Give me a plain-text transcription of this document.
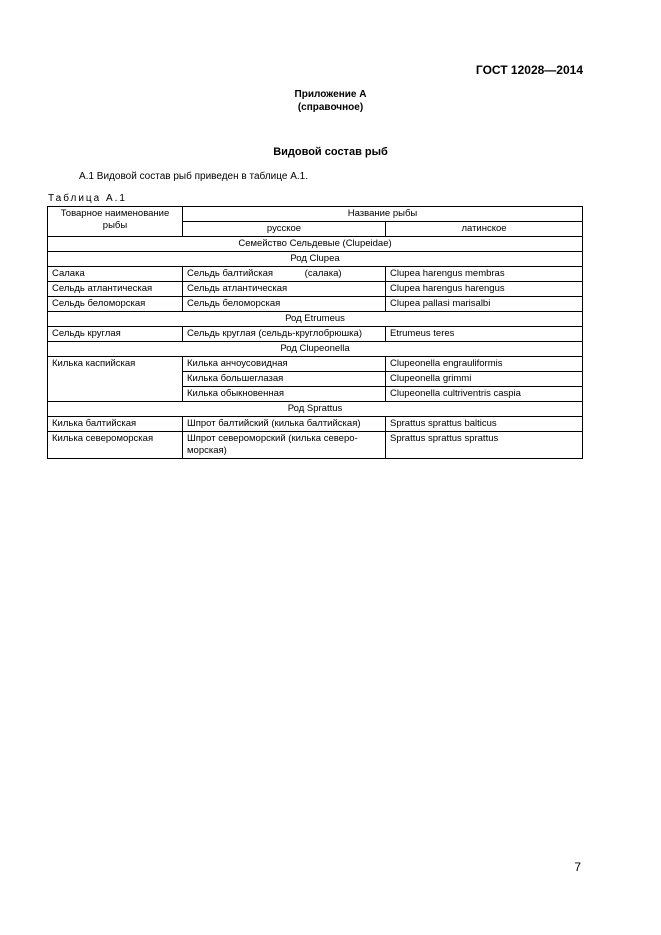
ГОСТ 12028—2014
Приложение А
(справочное)
Видовой состав рыб
А.1 Видовой состав рыб приведен в таблице А.1.
Таблица А.1
Товарное наименование рыбы	Название рыбы	
	русское	латинское
Семейство Сельдевые (Clupeidae)		
Род Clupea		
Салака	Сельдь балтийская            (салака)	Clupea harengus membras
Сельдь атлантическая	Сельдь атлантическая	Clupea harengus harengus
Сельдь беломорская	Сельдь беломорская	Clupea pallasi marisalbi
Род Etrumeus		
Сельдь круглая	Сельдь круглая (сельдь-круглобрюшка)	Etrumeus teres
Род Clupeonella		
Килька каспийская	Килька анчоусовидная	Clupeonella engrauliformis
	Килька большеглазая	Clupeonella grimmi
	Килька обыкновенная	Clupeonella cultriventris caspia
Род Sprattus		
Килька балтийская	Шпрот балтийский (килька балтийская)	Sprattus sprattus balticus
Килька североморская	Шпрот североморский (килька северо-морская)	Sprattus sprattus sprattus
7
